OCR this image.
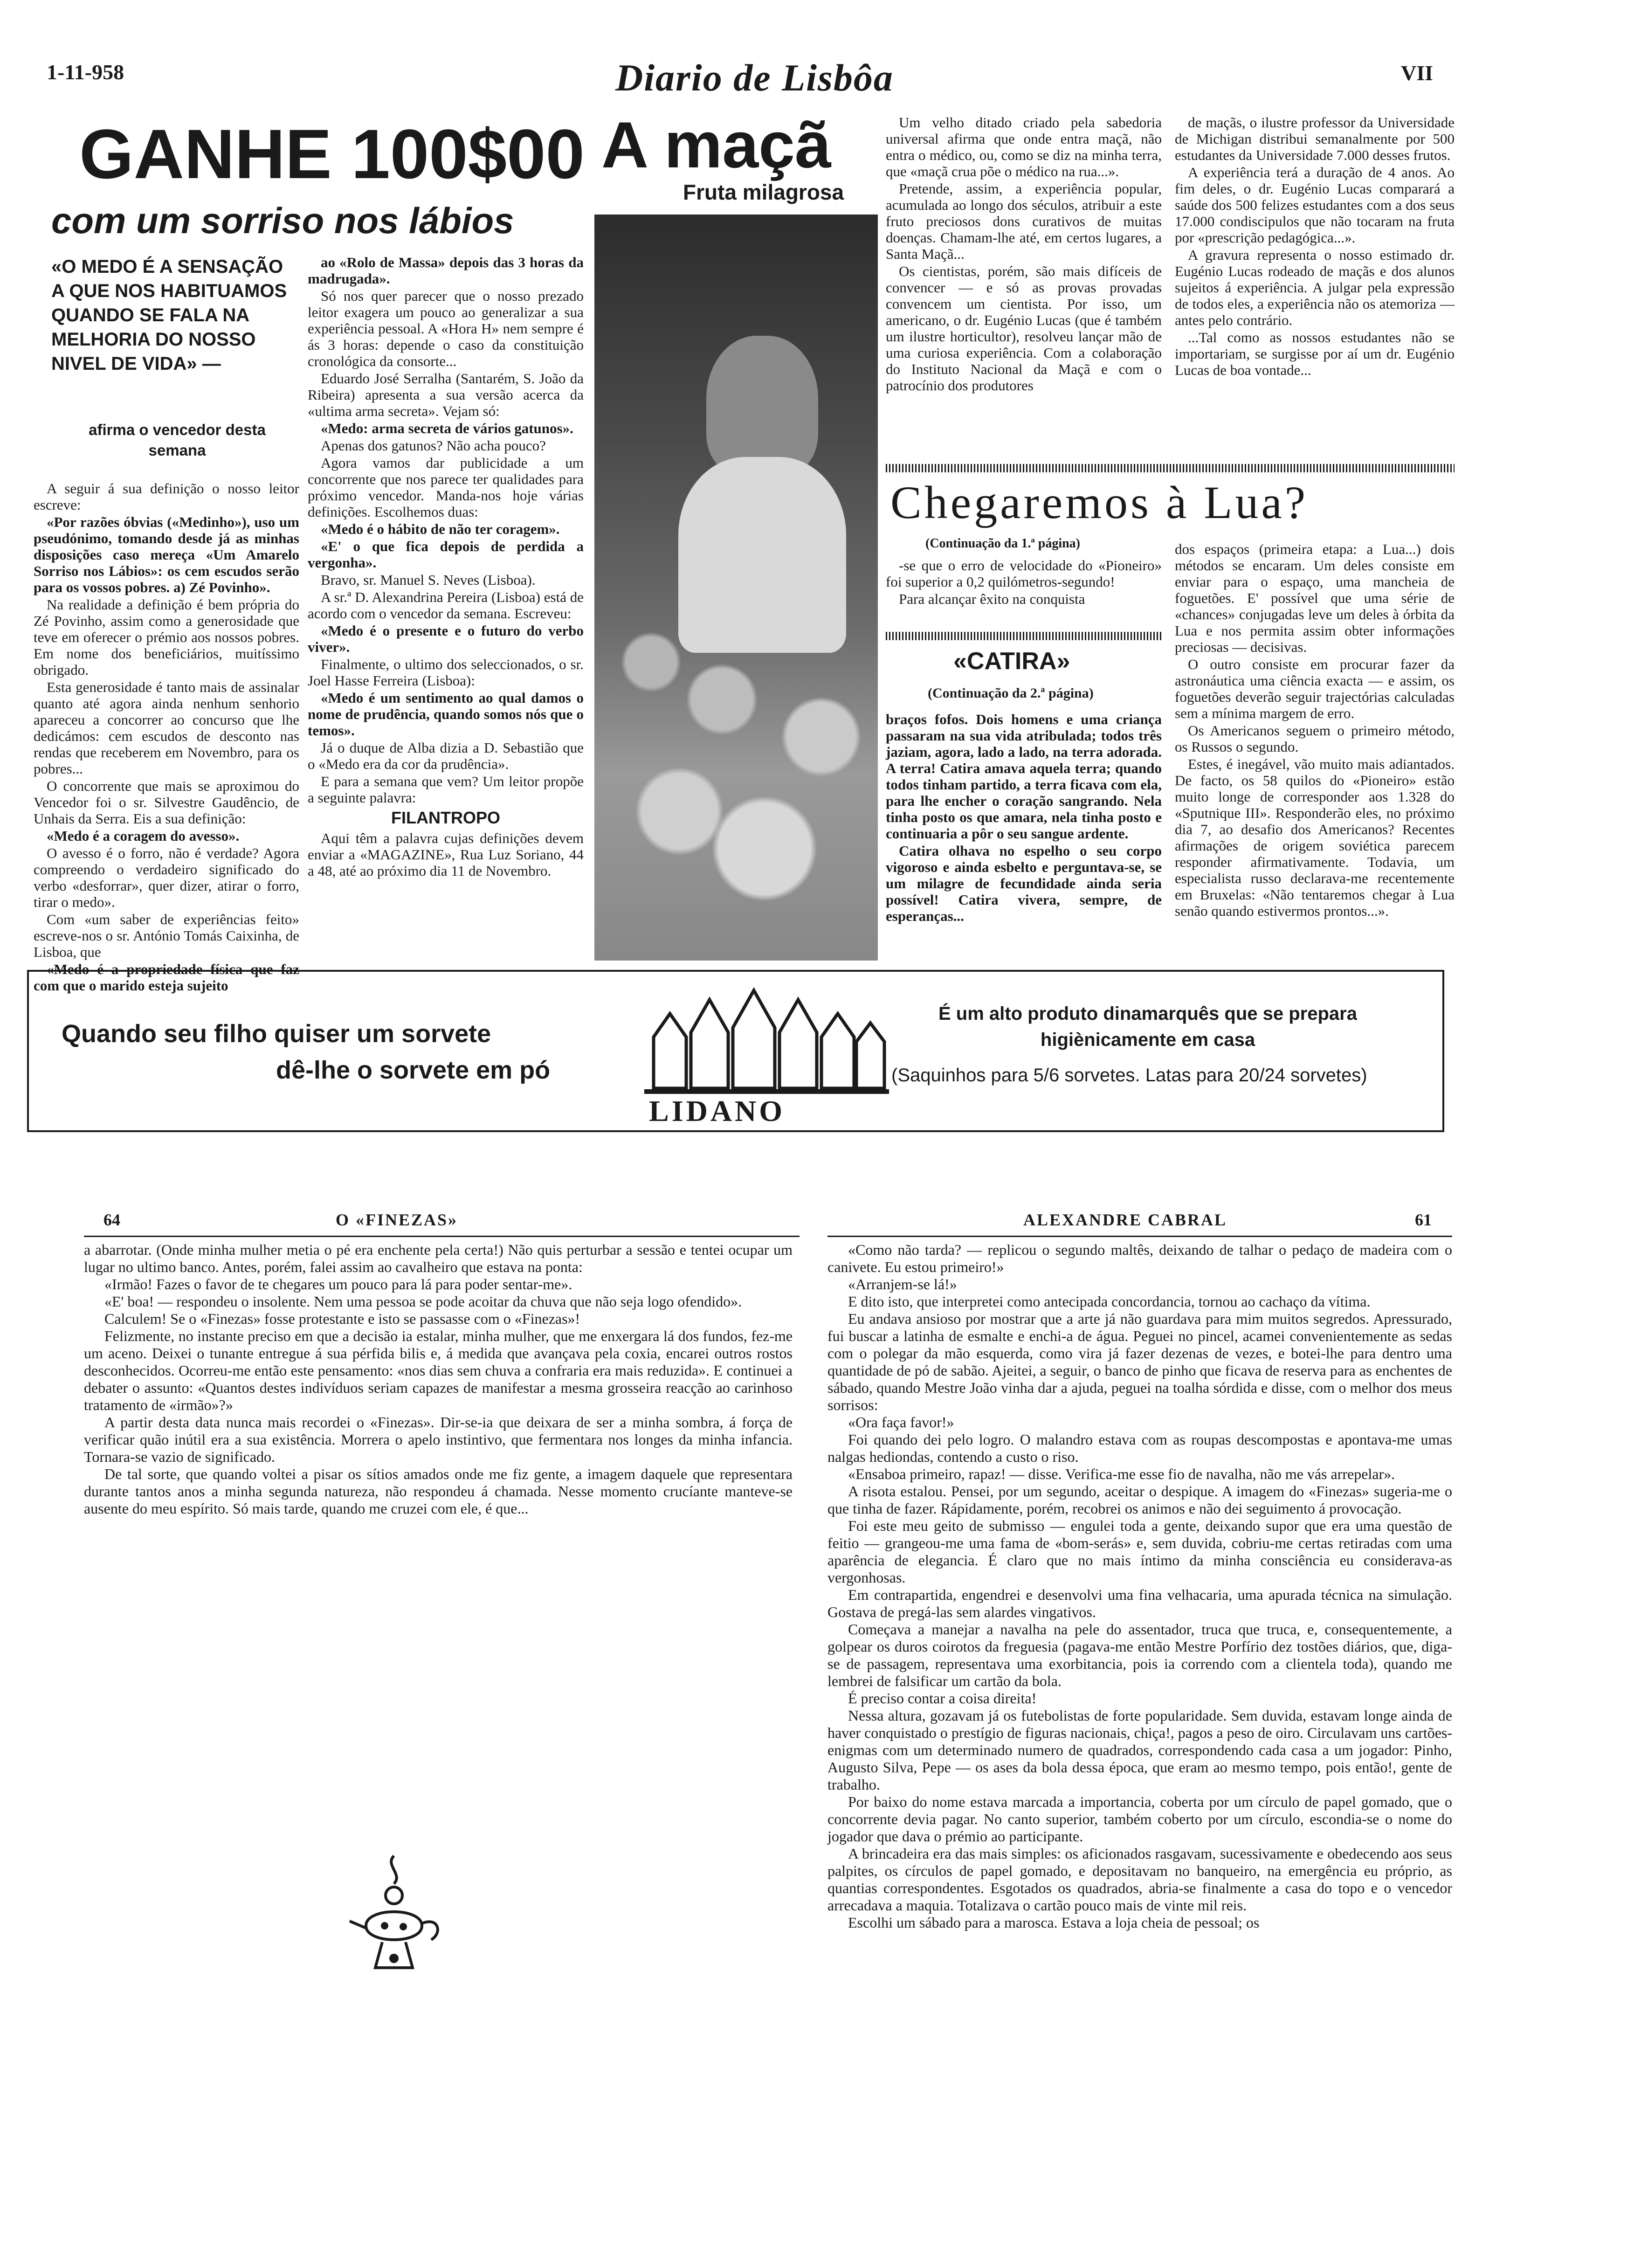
1-11-958	Diario de Lisbôa	VII
GANHE 100$00
com um sorriso nos lábios
«O MEDO É A SENSAÇÃO A QUE NOS HABITUAMOS QUANDO SE FALA NA MELHORIA DO NOSSO NIVEL DE VIDA» —
afirma o vencedor desta semana

A seguir á sua definição o nosso leitor escreve:

«Por razões óbvias («Medinho»), uso um pseudónimo, tomando desde já as minhas disposições caso mereça «Um Amarelo Sorriso nos Lábios»: os cem escudos serão para os vossos pobres. a) Zé Povinho».

Na realidade a definição é bem própria do Zé Povinho, assim como a generosidade que teve em oferecer o prémio aos nossos pobres. Em nome dos beneficiários, muitíssimo obrigado.

Esta generosidade é tanto mais de assinalar quanto até agora ainda nenhum senhorio apareceu a concorrer ao concurso que lhe dedicámos: cem escudos de desconto nas rendas que receberem em Novembro, para os pobres...

O concorrente que mais se aproximou do Vencedor foi o sr. Silvestre Gaudêncio, de Unhais da Serra. Eis a sua definição:

«Medo é a coragem do avesso».

O avesso é o forro, não é verdade? Agora compreendo o verdadeiro significado do verbo «desforrar», quer dizer, atirar o forro, tirar o medo».

Com «um saber de experiências feito» escreve-nos o sr. António Tomás Caixinha, de Lisboa, que

«Medo é a propriedade física que faz com que o marido esteja sujeito

ao «Rolo de Massa» depois das 3 horas da madrugada».

Só nos quer parecer que o nosso prezado leitor exagera um pouco ao generalizar a sua experiência pessoal. A «Hora H» nem sempre é ás 3 horas: depende o caso da constituição cronológica da consorte...

Eduardo José Serralha (Santarém, S. João da Ribeira) apresenta a sua versão acerca da «ultima arma secreta». Vejam só:

«Medo: arma secreta de vários gatunos».

Apenas dos gatunos? Não acha pouco?

Agora vamos dar publicidade a um concorrente que nos parece ter qualidades para próximo vencedor. Manda-nos hoje várias definições. Escolhemos duas:

«Medo é o hábito de não ter coragem».

«E' o que fica depois de perdida a vergonha».

Bravo, sr. Manuel S. Neves (Lisboa).

A sr.ª D. Alexandrina Pereira (Lisboa) está de acordo com o vencedor da semana. Escreveu:

«Medo é o presente e o futuro do verbo viver».

Finalmente, o ultimo dos seleccionados, o sr. Joel Hasse Ferreira (Lisboa):

«Medo é um sentimento ao qual damos o nome de prudência, quando somos nós que o temos».

Já o duque de Alba dizia a D. Sebastião que o «Medo era da cor da prudência».

E para a semana que vem? Um leitor propõe a seguinte palavra:

FILANTROPO

Aqui têm a palavra cujas definições devem enviar a «MAGAZINE», Rua Luz Soriano, 44 a 48, até ao próximo dia 11 de Novembro.

A maçã
Fruta milagrosa

Um velho ditado criado pela sabedoria universal afirma que onde entra maçã, não entra o médico, ou, como se diz na minha terra, que «maçã crua põe o médico na rua...».

Pretende, assim, a experiência popular, acumulada ao longo dos séculos, atribuir a este fruto preciosos dons curativos de muitas doenças. Chamam-lhe até, em certos lugares, a Santa Maçã...

Os cientistas, porém, são mais difíceis de convencer — e só as provas provadas convencem um cientista. Por isso, um americano, o dr. Eugénio Lucas (que é também um ilustre horticultor), resolveu lançar mão de uma curiosa experiência. Com a colaboração do Instituto Nacional da Maçã e com o patrocínio dos produtores

de maçãs, o ilustre professor da Universidade de Michigan distribui semanalmente por 500 estudantes da Universidade 7.000 desses frutos.

A experiência terá a duração de 4 anos. Ao fim deles, o dr. Eugénio Lucas comparará a saúde dos 500 felizes estudantes com a dos seus 17.000 condiscipulos que não tocaram na fruta por «prescrição pedagógica...».

A gravura representa o nosso estimado dr. Eugénio Lucas rodeado de maçãs e dos alunos sujeitos á experiência. A julgar pela expressão de todos eles, a experiência não os atemoriza — antes pelo contrário.

...Tal como as nossos estudantes não se importariam, se surgisse por aí um dr. Eugénio Lucas de boa vontade...

Chegaremos à Lua?
(Continuação da 1.ª página)

-se que o erro de velocidade do «Pioneiro» foi superior a 0,2 quilómetros-segundo!

Para alcançar êxito na conquista

dos espaços (primeira etapa: a Lua...) dois métodos se encaram. Um deles consiste em enviar para o espaço, uma mancheia de foguetões. E' possível que uma série de «chances» conjugadas leve um deles à órbita da Lua e nos permita assim obter informações preciosas — decisivas.

O outro consiste em procurar fazer da astronáutica uma ciência exacta — e assim, os foguetões deverão seguir trajectórias calculadas sem a mínima margem de erro.

Os Americanos seguem o primeiro método, os Russos o segundo.

Estes, é inegável, vão muito mais adiantados. De facto, os 58 quilos do «Pioneiro» estão muito longe de corresponder aos 1.328 do «Sputnique III». Responderão eles, no próximo dia 7, ao desafio dos Americanos? Recentes afirmações de origem soviética parecem responder afirmativamente. Todavia, um especialista russo declarava-me recentemente em Bruxelas: «Não tentaremos chegar à Lua senão quando estivermos prontos...».

«CATIRA»
(Continuação da 2.ª página)

braços fofos. Dois homens e uma criança passaram na sua vida atribulada; todos três jaziam, agora, lado a lado, na terra adorada. A terra! Catira amava aquela terra; quando todos tinham partido, a terra ficava com ela, para lhe encher o coração sangrando. Nela tinha posto os que amara, nela tinha posto e continuaria a pôr o seu sangue ardente.

Catira olhava no espelho o seu corpo vigoroso e ainda esbelto e perguntava-se, se um milagre de fecundidade ainda seria possível! Catira vivera, sempre, de esperanças...

Quando seu filho quiser um sorvete
dê-lhe o sorvete em pó
LIDANO
É um alto produto dinamarquês que se prepara higiènicamente em casa
(Saquinhos para 5/6 sorvetes. Latas para 20/24 sorvetes)
64	O «FINEZAS»

a abarrotar. (Onde minha mulher metia o pé era enchente pela certa!) Não quis perturbar a sessão e tentei ocupar um lugar no ultimo banco. Antes, porém, falei assim ao cavalheiro que estava na ponta:

«Irmão! Fazes o favor de te chegares um pouco para lá para poder sentar-me».

«E' boa! — respondeu o insolente. Nem uma pessoa se pode acoitar da chuva que não seja logo ofendido».

Calculem! Se o «Finezas» fosse protestante e isto se passasse com o «Finezas»!

Felizmente, no instante preciso em que a decisão ia estalar, minha mulher, que me enxergara lá dos fundos, fez-me um aceno. Deixei o tunante entregue á sua pérfida bilis e, á medida que avançava pela coxia, encarei outros rostos desconhecidos. Ocorreu-me então este pensamento: «nos dias sem chuva a confraria era mais reduzida». E continuei a debater o assunto: «Quantos destes indivíduos seriam capazes de manifestar a mesma grosseira reacção ao carinhoso tratamento de «irmão»?»

A partir desta data nunca mais recordei o «Finezas». Dir-se-ia que deixara de ser a minha sombra, á força de verificar quão inútil era a sua existência. Morrera o apelo instintivo, que fermentara nos longes da minha infancia. Tornara-se vazio de significado.

De tal sorte, que quando voltei a pisar os sítios amados onde me fiz gente, a imagem daquele que representara durante tantos anos a minha segunda natureza, não respondeu á chamada. Nesse momento crucíante manteve-se ausente do meu espírito. Só mais tarde, quando me cruzei com ele, é que...

ALEXANDRE CABRAL	61

«Como não tarda? — replicou o segundo maltês, deixando de talhar o pedaço de madeira com o canivete. Eu estou primeiro!»

«Arranjem-se lá!»

E dito isto, que interpretei como antecipada concordancia, tornou ao cachaço da vítima.

Eu andava ansioso por mostrar que a arte já não guardava para mim muitos segredos. Apressurado, fui buscar a latinha de esmalte e enchi-a de água. Peguei no pincel, acamei convenientemente as sedas com o polegar da mão esquerda, como vira já fazer dezenas de vezes, e botei-lhe para dentro uma quantidade de pó de sabão. Ajeitei, a seguir, o banco de pinho que ficava de reserva para as enchentes de sábado, quando Mestre João vinha dar a ajuda, peguei na toalha sórdida e disse, com o melhor dos meus sorrisos:

«Ora faça favor!»

Foi quando dei pelo logro. O malandro estava com as roupas descompostas e apontava-me umas nalgas hediondas, contendo a custo o riso.

«Ensaboa primeiro, rapaz! — disse. Verifica-me esse fio de navalha, não me vás arrepelar».

A risota estalou. Pensei, por um segundo, aceitar o despique. A imagem do «Finezas» sugeria-me o que tinha de fazer. Rápidamente, porém, recobrei os animos e não dei seguimento á provocação.

Foi este meu geito de submisso — engulei toda a gente, deixando supor que era uma questão de feitio — grangeou-me uma fama de «bom-serás» e, sem duvida, cobriu-me certas retiradas com uma aparência de elegancia. É claro que no mais íntimo da minha consciência eu considerava-as vergonhosas.

Em contrapartida, engendrei e desenvolvi uma fina velhacaria, uma apurada técnica na simulação. Gostava de pregá-las sem alardes vingativos.

Começava a manejar a navalha na pele do assentador, truca que truca, e, consequentemente, a golpear os duros coirotos da freguesia (pagava-me então Mestre Porfírio dez tostões diários, que, diga-se de passagem, representava uma exorbitancia, pois ia correndo com a clientela toda), quando me lembrei de falsificar um cartão da bola.

É preciso contar a coisa direita!

Nessa altura, gozavam já os futebolistas de forte popularidade. Sem duvida, estavam longe ainda de haver conquistado o prestígio de figuras nacionais, chiça!, pagos a peso de oiro. Circulavam uns cartões-enigmas com um determinado numero de quadrados, correspondendo cada casa a um jogador: Pinho, Augusto Silva, Pepe — os ases da bola dessa época, que eram ao mesmo tempo, pois então!, gente de trabalho.

Por baixo do nome estava marcada a importancia, coberta por um círculo de papel gomado, que o concorrente devia pagar. No canto superior, também coberto por um círculo, escondia-se o nome do jogador que dava o prémio ao participante.

A brincadeira era das mais simples: os aficionados rasgavam, sucessivamente e obedecendo aos seus palpites, os círculos de papel gomado, e depositavam no banqueiro, na emergência eu próprio, as quantias correspondentes. Esgotados os quadrados, abria-se finalmente a casa do topo e o vencedor arrecadava a maquia. Totalizava o cartão pouco mais de vinte mil reis.

Escolhi um sábado para a marosca. Estava a loja cheia de pessoal; os
